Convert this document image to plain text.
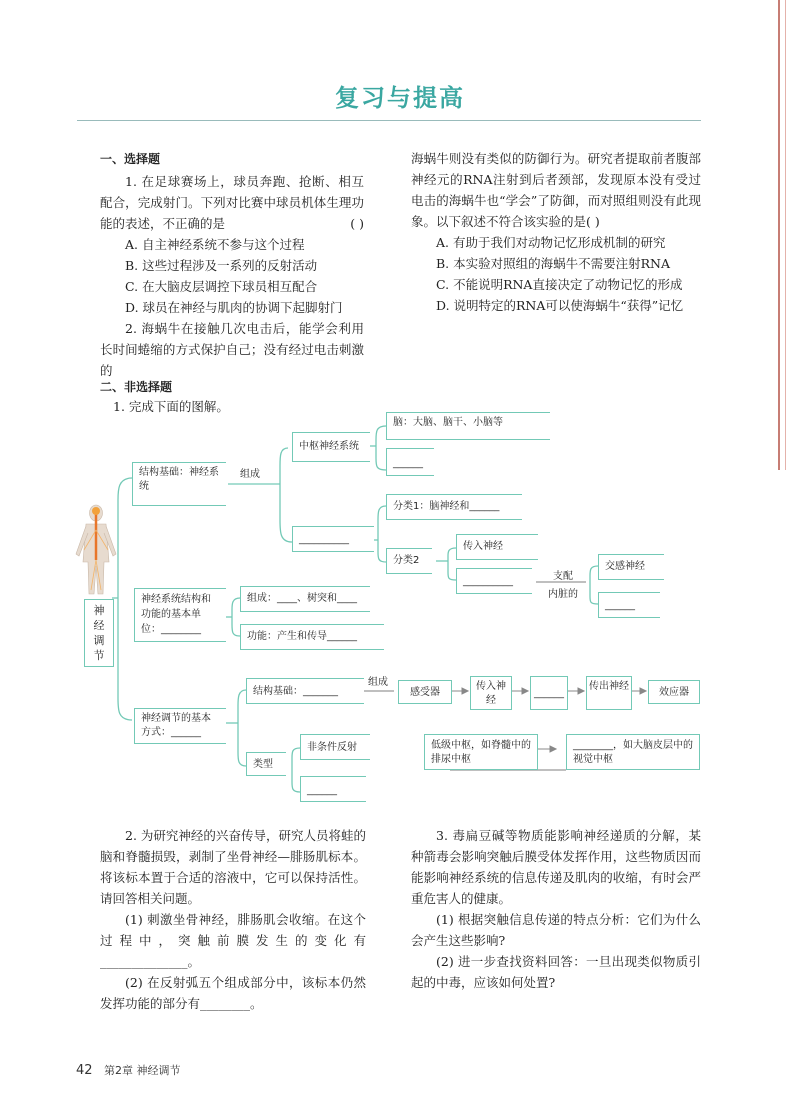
复习与提高
一、选择题

1. 在足球赛场上，球员奔跑、抢断、相互配合，完成射门。下列对比赛中球员机体生理功能的表述，不正确的是	( )

A. 自主神经系统不参与这个过程

B. 这些过程涉及一系列的反射活动

C. 在大脑皮层调控下球员相互配合

D. 球员在神经与肌肉的协调下起脚射门

2. 海蜗牛在接触几次电击后，能学会利用长时间蜷缩的方式保护自己；没有经过电击刺激的

海蜗牛则没有类似的防御行为。研究者提取前者腹部神经元的RNA注射到后者颈部，发现原本没有受过电击的海蜗牛也“学会”了防御，而对照组则没有此现象。以下叙述不符合该实验的是( )

A. 有助于我们对动物记忆形成机制的研究

B. 本实验对照组的海蜗牛不需要注射RNA

C. 不能说明RNA直接决定了动物记忆的形成

D. 说明特定的RNA可以使海蜗牛“获得”记忆

二、非选择题
1. 完成下面的图解。
神经调节
结构基础：神经系统
组成
中枢神经系统
脑：大脑、脑干、小脑等
______
__________
分类1：脑神经和______
分类2
传入神经
__________	支配
内脏的
交感神经
______
神经系统结构和功能的基本单位：________
组成：____、树突和____
功能：产生和传导______
神经调节的基本方式：______
结构基础：_______
组成
感受器
传入神经
______
传出神经
效应器
低级中枢，如脊髓中的排尿中枢
________，如大脑皮层中的视觉中枢
类型
非条件反射
______

2. 为研究神经的兴奋传导，研究人员将蛙的脑和脊髓损毁，剥制了坐骨神经—腓肠肌标本。将该标本置于合适的溶液中，它可以保持活性。请回答相关问题。

(1) 刺激坐骨神经，腓肠肌会收缩。在这个过程中，突触前膜发生的变化有______________。

(2) 在反射弧五个组成部分中，该标本仍然发挥功能的部分有________。

3. 毒扁豆碱等物质能影响神经递质的分解，某种箭毒会影响突触后膜受体发挥作用，这些物质因而能影响神经系统的信息传递及肌肉的收缩，有时会严重危害人的健康。

(1) 根据突触信息传递的特点分析：它们为什么会产生这些影响?

(2) 进一步查找资料回答：一旦出现类似物质引起的中毒，应该如何处置?

42 第2章 神经调节
